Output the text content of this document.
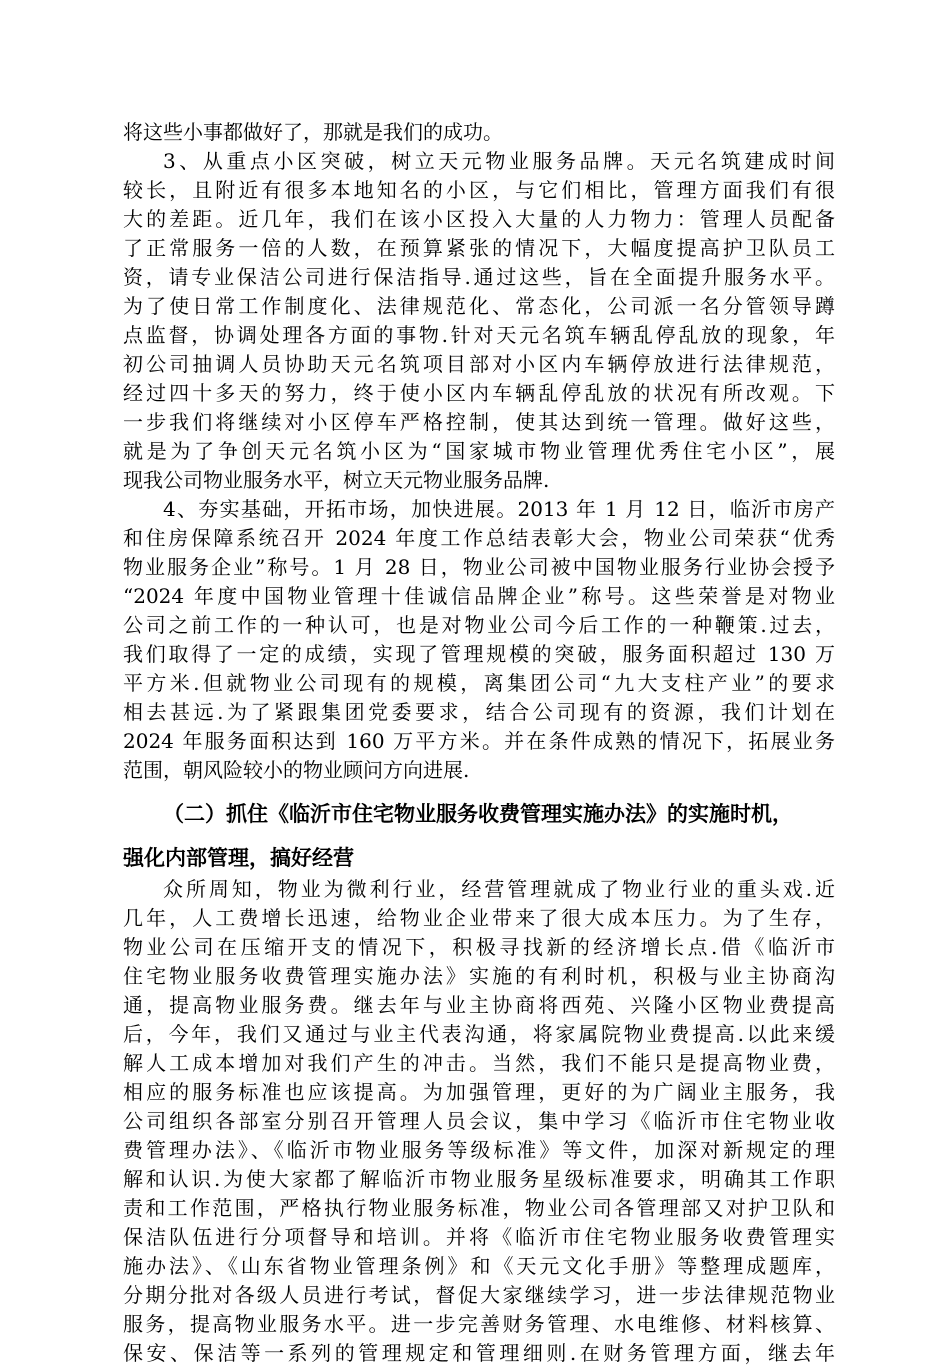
将这些小事都做好了，那就是我们的成功。
3、从重点小区突破，树立天元物业服务品牌。天元名筑建成时间
较长，且附近有很多本地知名的小区，与它们相比，管理方面我们有很
大的差距。近几年，我们在该小区投入大量的人力物力：管理人员配备
了正常服务一倍的人数，在预算紧张的情况下，大幅度提高护卫队员工
资，请专业保洁公司进行保洁指导.通过这些，旨在全面提升服务水平。
为了使日常工作制度化、法律规范化、常态化，公司派一名分管领导蹲
点监督，协调处理各方面的事物.针对天元名筑车辆乱停乱放的现象，年
初公司抽调人员协助天元名筑项目部对小区内车辆停放进行法律规范，
经过四十多天的努力，终于使小区内车辆乱停乱放的状况有所改观。下
一步我们将继续对小区停车严格控制，使其达到统一管理。做好这些，
就是为了争创天元名筑小区为“国家城市物业管理优秀住宅小区”，展
现我公司物业服务水平，树立天元物业服务品牌.
4、夯实基础，开拓市场，加快进展。2013 年 1 月 12 日，临沂市房产
和住房保障系统召开 2024 年度工作总结表彰大会，物业公司荣获“优秀
物业服务企业”称号。1 月 28 日，物业公司被中国物业服务行业协会授予
“2024 年度中国物业管理十佳诚信品牌企业”称号。这些荣誉是对物业
公司之前工作的一种认可，也是对物业公司今后工作的一种鞭策.过去，
我们取得了一定的成绩，实现了管理规模的突破，服务面积超过 130 万
平方米.但就物业公司现有的规模，离集团公司“九大支柱产业”的要求
相去甚远.为了紧跟集团党委要求，结合公司现有的资源，我们计划在
2024 年服务面积达到 160 万平方米。并在条件成熟的情况下，拓展业务
范围，朝风险较小的物业顾问方向进展.
（二）抓住《临沂市住宅物业服务收费管理实施办法》的实施时机，
强化内部管理，搞好经营
众所周知，物业为微利行业，经营管理就成了物业行业的重头戏.近
几年，人工费增长迅速，给物业企业带来了很大成本压力。为了生存，
物业公司在压缩开支的情况下，积极寻找新的经济增长点.借《临沂市
住宅物业服务收费管理实施办法》实施的有利时机，积极与业主协商沟
通，提高物业服务费。继去年与业主协商将西苑、兴隆小区物业费提高
后，今年，我们又通过与业主代表沟通，将家属院物业费提高.以此来缓
解人工成本增加对我们产生的冲击。当然，我们不能只是提高物业费，
相应的服务标准也应该提高。为加强管理，更好的为广阔业主服务，我
公司组织各部室分别召开管理人员会议，集中学习《临沂市住宅物业收
费管理办法》、《临沂市物业服务等级标准》等文件，加深对新规定的理
解和认识.为使大家都了解临沂市物业服务星级标准要求，明确其工作职
责和工作范围，严格执行物业服务标准，物业公司各管理部又对护卫队和
保洁队伍进行分项督导和培训。并将《临沂市住宅物业服务收费管理实
施办法》、《山东省物业管理条例》和《天元文化手册》等整理成题库，
分期分批对各级人员进行考试，督促大家继续学习，进一步法律规范物业
服务，提高物业服务水平。进一步完善财务管理、水电维修、材料核算、
保安、保洁等一系列的管理规定和管理细则.在财务管理方面，继去年
